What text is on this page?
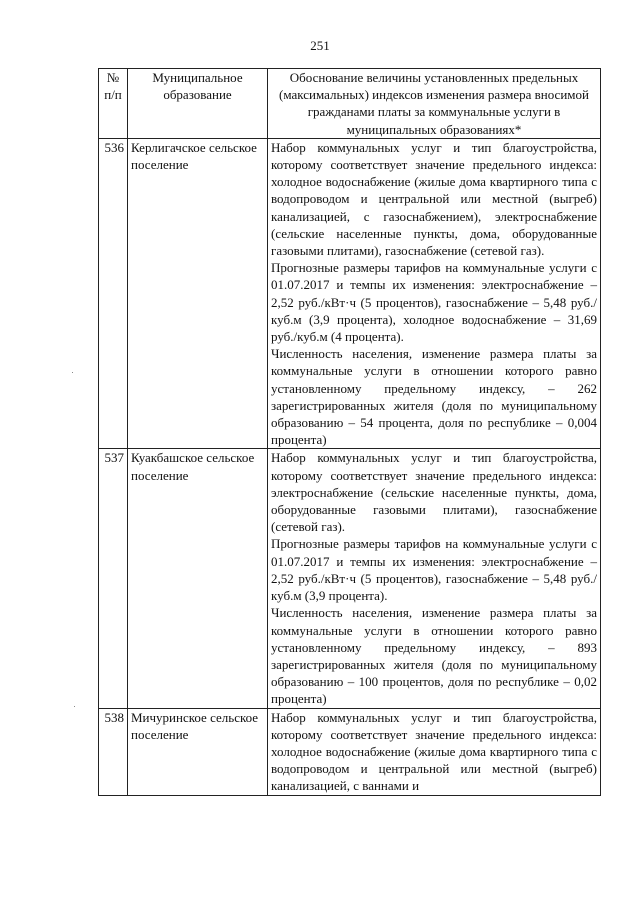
251
№ п/п	Муниципальное образование	Обоснование величины установленных предельных (максимальных) индексов изменения размера вносимой гражданами платы за коммунальные услуги в муниципальных образованиях*
536	Керлигачское сельское поселение	Набор коммунальных услуг и тип благоустройства, которому соответствует значение предельного индекса: холодное водоснабжение (жилые дома квартирного типа с водопроводом и центральной или местной (выгреб) канализацией, с газоснабжением), электроснабжение (сельские населенные пункты, дома, оборудованные газовыми плитами), газоснабжение (сетевой газ).
Прогнозные размеры тарифов на коммунальные услуги с 01.07.2017 и темпы их изменения: электроснабжение – 2,52 руб./кВт·ч (5 процентов), газоснабжение – 5,48 руб./куб.м (3,9 процента), холодное водоснабжение – 31,69 руб./куб.м (4 процента).
Численность населения, изменение размера платы за коммунальные услуги в отношении которого равно установленному предельному индексу, – 262 зарегистрированных жителя (доля по муниципальному образованию – 54 процента, доля по республике – 0,004 процента)

537	Куакбашское сельское поселение	Набор коммунальных услуг и тип благоустройства, которому соответствует значение предельного индекса: электроснабжение (сельские населенные пункты, дома, оборудованные газовыми плитами), газоснабжение (сетевой газ).
Прогнозные размеры тарифов на коммунальные услуги с 01.07.2017 и темпы их изменения: электроснабжение – 2,52 руб./кВт·ч (5 процентов), газоснабжение – 5,48 руб./куб.м (3,9 процента).
Численность населения, изменение размера платы за коммунальные услуги в отношении которого равно установленному предельному индексу, – 893 зарегистрированных жителя (доля по муниципальному образованию – 100 процентов, доля по республике – 0,02 процента)

538	Мичуринское сельское поселение	Набор коммунальных услуг и тип благоустройства, которому соответствует значение предельного индекса: холодное водоснабжение (жилые дома квартирного типа с водопроводом и центральной или местной (выгреб) канализацией, с ваннами и
